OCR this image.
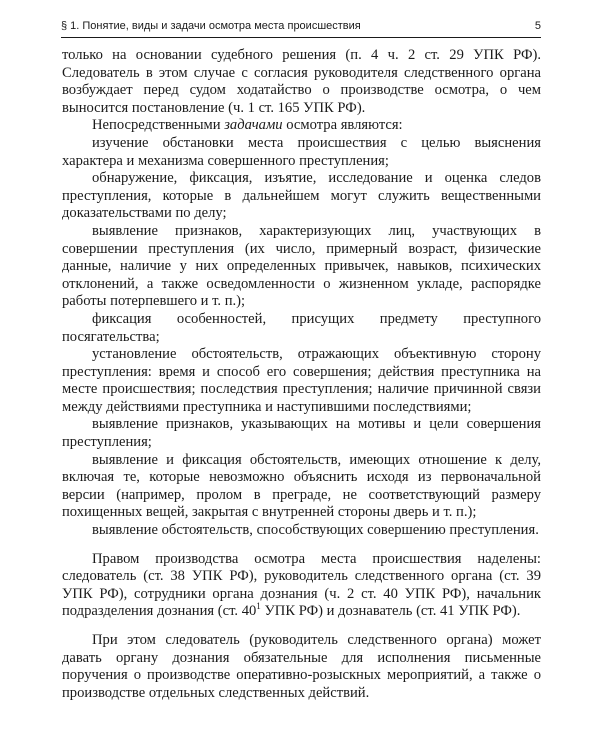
§ 1. Понятие, виды и задачи осмотра места происшествия	5

только на основании судебного решения (п. 4 ч. 2 ст. 29 УПК РФ). Следователь в этом случае с согласия руководителя следственного органа возбуждает перед судом ходатайство о производстве осмотра, о чем выносится постановление (ч. 1 ст. 165 УПК РФ).

Непосредственными задачами осмотра являются:

изучение обстановки места происшествия с целью выяснения характера и механизма совершенного преступления;

обнаружение, фиксация, изъятие, исследование и оценка следов преступления, которые в дальнейшем могут служить вещественными доказательствами по делу;

выявление признаков, характеризующих лиц, участвующих в совершении преступления (их число, примерный возраст, физические данные, наличие у них определенных привычек, навыков, психических отклонений, а также осведомленности о жизненном укладе, распорядке работы потерпевшего и т. п.);

фиксация особенностей, присущих предмету преступного посягательства;

установление обстоятельств, отражающих объективную сторону преступления: время и способ его совершения; действия преступника на месте происшествия; последствия преступления; наличие причинной связи между действиями преступника и наступившими последствиями;

выявление признаков, указывающих на мотивы и цели совершения преступления;

выявление и фиксация обстоятельств, имеющих отношение к делу, включая те, которые невозможно объяснить исходя из первоначальной версии (например, пролом в преграде, не соответствующий размеру похищенных вещей, закрытая с внутренней стороны дверь и т. п.);

выявление обстоятельств, способствующих совершению преступления.

Правом производства осмотра места происшествия наделены: следователь (ст. 38 УПК РФ), руководитель следственного органа (ст. 39 УПК РФ), сотрудники органа дознания (ч. 2 ст. 40 УПК РФ), начальник подразделения дознания (ст. $40^1$ УПК РФ) и дознаватель (ст. 41 УПК РФ).

При этом следователь (руководитель следственного органа) может давать органу дознания обязательные для исполнения письменные поручения о производстве оперативно-розыскных мероприятий, а также о производстве отдельных следственных действий.
